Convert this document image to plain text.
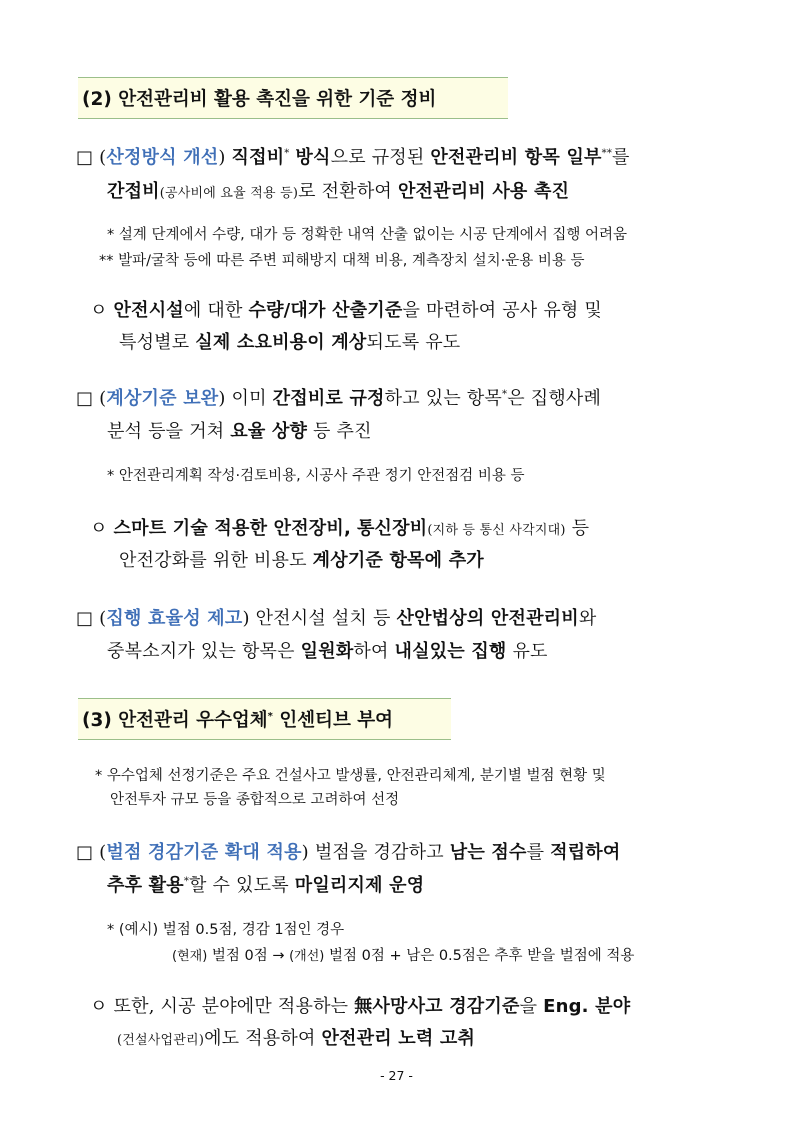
(2) 안전관리비 활용 촉진을 위한 기준 정비
□ (산정방식 개선) 직접비* 방식으로 규정된 안전관리비 항목 일부**를
간접비(공사비에 요율 적용 등)로 전환하여 안전관리비 사용 촉진
* 설계 단계에서 수량, 대가 등 정확한 내역 산출 없이는 시공 단계에서 집행 어려움
** 발파/굴착 등에 따른 주변 피해방지 대책 비용, 계측장치 설치·운용 비용 등
ㅇ 안전시설에 대한 수량/대가 산출기준을 마련하여 공사 유형 및
특성별로 실제 소요비용이 계상되도록 유도
□ (계상기준 보완) 이미 간접비로 규정하고 있는 항목*은 집행사례
분석 등을 거쳐 요율 상향 등 추진
* 안전관리계획 작성·검토비용, 시공사 주관 정기 안전점검 비용 등
ㅇ 스마트 기술 적용한 안전장비, 통신장비(지하 등 통신 사각지대) 등
안전강화를 위한 비용도 계상기준 항목에 추가
□ (집행 효율성 제고) 안전시설 설치 등 산안법상의 안전관리비와
중복소지가 있는 항목은 일원화하여 내실있는 집행 유도
(3) 안전관리 우수업체* 인센티브 부여
* 우수업체 선정기준은 주요 건설사고 발생률, 안전관리체계, 분기별 벌점 현황 및
안전투자 규모 등을 종합적으로 고려하여 선정
□ (벌점 경감기준 확대 적용) 벌점을 경감하고 남는 점수를 적립하여
추후 활용*할 수 있도록 마일리지제 운영
* (예시) 벌점 0.5점, 경감 1점인 경우
(현재) 벌점 0점 → (개선) 벌점 0점 + 남은 0.5점은 추후 받을 벌점에 적용
ㅇ 또한, 시공 분야에만 적용하는 無사망사고 경감기준을 Eng. 분야
(건설사업관리)에도 적용하여 안전관리 노력 고취
- 27 -
